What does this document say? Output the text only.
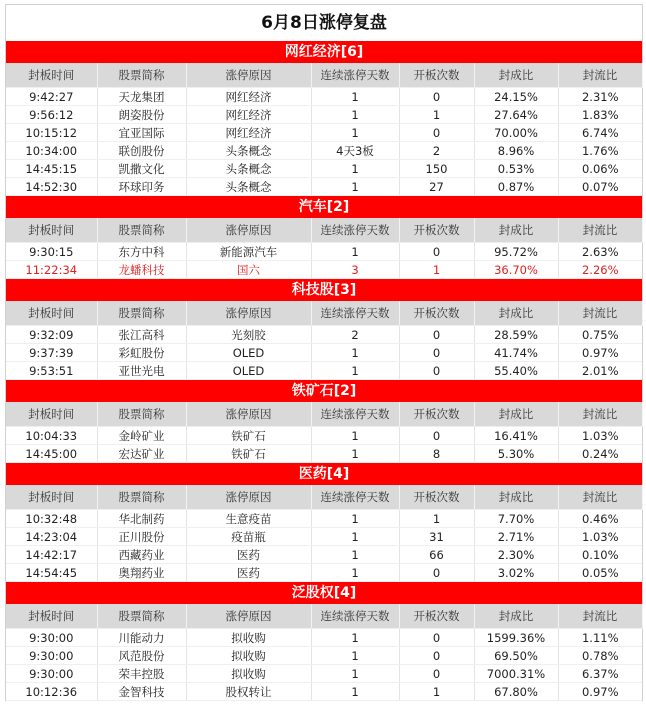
6月8日涨停复盘
网红经济[6]
封板时间	股票简称	涨停原因	连续涨停天数	开板次数	封成比	封流比
9:42:27	天龙集团	网红经济	1	0	24.15%	2.31%
9:56:12	朗姿股份	网红经济	1	1	27.64%	1.83%
10:15:12	宜亚国际	网红经济	1	0	70.00%	6.74%
10:34:00	联创股份	头条概念	4天3板	2	8.96%	1.76%
14:45:15	凯撒文化	头条概念	1	150	0.53%	0.06%
14:52:30	环球印务	头条概念	1	27	0.87%	0.07%
汽车[2]
封板时间	股票简称	涨停原因	连续涨停天数	开板次数	封成比	封流比
9:30:15	东方中科	新能源汽车	1	0	95.72%	2.63%
11:22:34	龙蟠科技	国六	3	1	36.70%	2.26%
科技股[3]
封板时间	股票简称	涨停原因	连续涨停天数	开板次数	封成比	封流比
9:32:09	张江高科	光刻胶	2	0	28.59%	0.75%
9:37:39	彩虹股份	OLED	1	0	41.74%	0.97%
9:53:51	亚世光电	OLED	1	0	55.40%	2.01%
铁矿石[2]
封板时间	股票简称	涨停原因	连续涨停天数	开板次数	封成比	封流比
10:04:33	金岭矿业	铁矿石	1	0	16.41%	1.03%
14:45:00	宏达矿业	铁矿石	1	8	5.30%	0.24%
医药[4]
封板时间	股票简称	涨停原因	连续涨停天数	开板次数	封成比	封流比
10:32:48	华北制药	生意疫苗	1	1	7.70%	0.46%
14:23:04	正川股份	疫苗瓶	1	31	2.71%	1.03%
14:42:17	西藏药业	医药	1	66	2.30%	0.10%
14:54:45	奥翔药业	医药	1	0	3.02%	0.05%
泛股权[4]
封板时间	股票简称	涨停原因	连续涨停天数	开板次数	封成比	封流比
9:30:00	川能动力	拟收购	1	0	1599.36%	1.11%
9:30:00	风范股份	拟收购	1	0	69.50%	0.78%
9:30:00	荣丰控股	拟收购	1	0	7000.31%	6.37%
10:12:36	金智科技	股权转让	1	1	67.80%	0.97%
